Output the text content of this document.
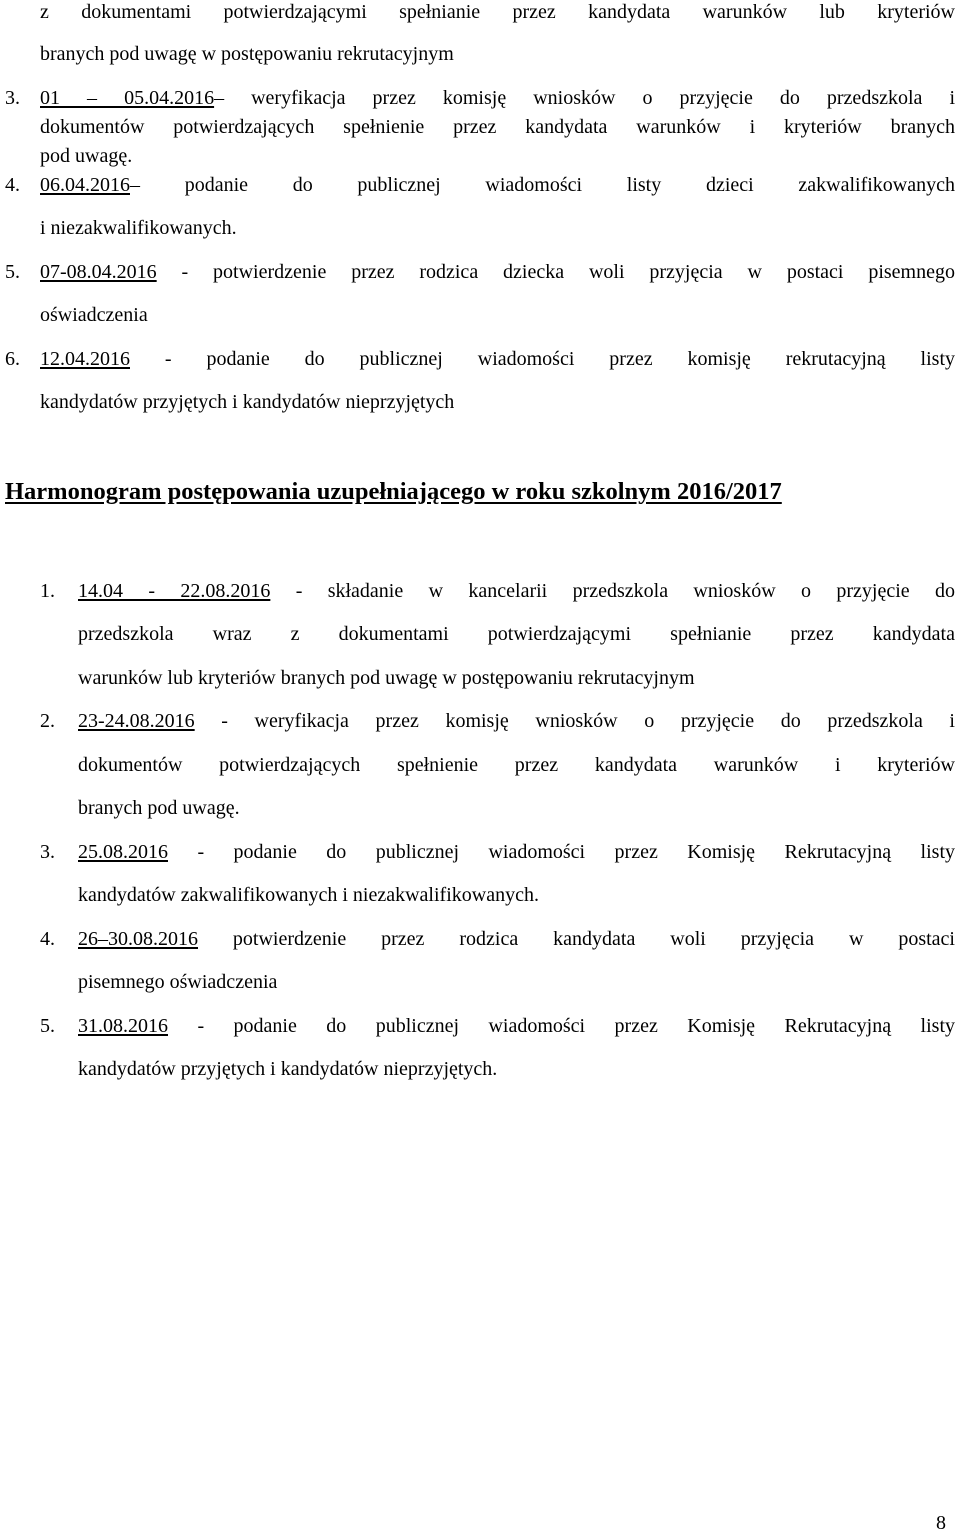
z dokumentami potwierdzającymi spełnianie przez kandydata warunków lub kryteriów
branych pod uwagę w postępowaniu rekrutacyjnym
3. 01 – 05.04.2016– weryfikacja przez komisję wniosków o przyjęcie do przedszkola i
dokumentów potwierdzających spełnienie przez kandydata warunków i kryteriów branych
pod uwagę.
4. 06.04.2016– podanie do publicznej wiadomości listy dzieci zakwalifikowanych
i niezakwalifikowanych.
5. 07-08.04.2016 - potwierdzenie przez rodzica dziecka woli przyjęcia w postaci pisemnego
oświadczenia
6. 12.04.2016 - podanie do publicznej wiadomości przez komisję rekrutacyjną listy
kandydatów przyjętych i kandydatów nieprzyjętych
Harmonogram postępowania uzupełniającego w roku szkolnym 2016/2017
1. 14.04 - 22.08.2016 - składanie w kancelarii przedszkola wniosków o przyjęcie do
przedszkola wraz z dokumentami potwierdzającymi spełnianie przez kandydata
warunków lub kryteriów branych pod uwagę w postępowaniu rekrutacyjnym
2. 23-24.08.2016 - weryfikacja przez komisję wniosków o przyjęcie do przedszkola i
dokumentów potwierdzających spełnienie przez kandydata warunków i kryteriów
branych pod uwagę.
3. 25.08.2016 - podanie do publicznej wiadomości przez Komisję Rekrutacyjną listy
kandydatów zakwalifikowanych i niezakwalifikowanych.
4. 26–30.08.2016 potwierdzenie przez rodzica kandydata woli przyjęcia w postaci
pisemnego oświadczenia
5. 31.08.2016 - podanie do publicznej wiadomości przez Komisję Rekrutacyjną listy
kandydatów przyjętych i kandydatów nieprzyjętych.
8
